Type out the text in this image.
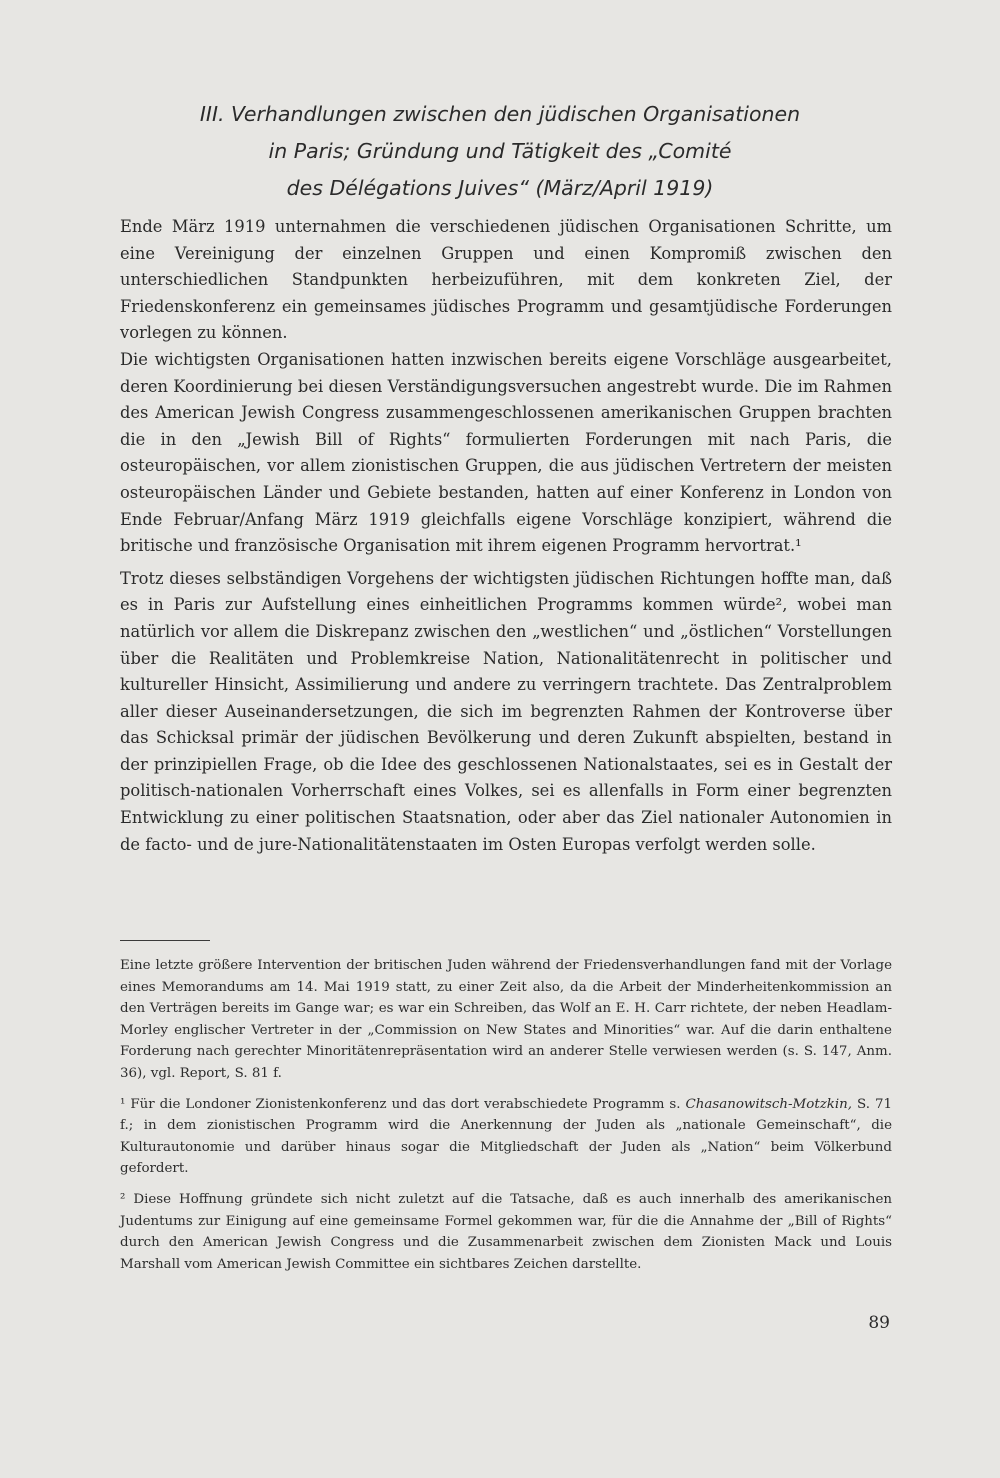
III. Verhandlungen zwischen den jüdischen Organisationen
in Paris; Gründung und Tätigkeit des „Comité
des Délégations Juives“ (März/April 1919)

Ende März 1919 unternahmen die verschiedenen jüdischen Organisationen Schritte, um eine Vereinigung der einzelnen Gruppen und einen Kompromiß zwischen den unterschiedlichen Standpunkten herbeizuführen, mit dem konkreten Ziel, der Friedenskonferenz ein gemeinsames jüdisches Programm und gesamtjüdische Forderungen vorlegen zu können.

Die wichtigsten Organisationen hatten inzwischen bereits eigene Vorschläge ausgearbeitet, deren Koordinierung bei diesen Verständigungsversuchen angestrebt wurde. Die im Rahmen des American Jewish Congress zusammengeschlossenen amerikanischen Gruppen brachten die in den „Jewish Bill of Rights“ formulierten Forderungen mit nach Paris, die osteuropäischen, vor allem zionistischen Gruppen, die aus jüdischen Vertretern der meisten osteuropäischen Länder und Gebiete bestanden, hatten auf einer Konferenz in London von Ende Februar/Anfang März 1919 gleichfalls eigene Vorschläge konzipiert, während die britische und französische Organisation mit ihrem eigenen Programm hervortrat.¹

Trotz dieses selbständigen Vorgehens der wichtigsten jüdischen Richtungen hoffte man, daß es in Paris zur Aufstellung eines einheitlichen Programms kommen würde², wobei man natürlich vor allem die Diskrepanz zwischen den „westlichen“ und „östlichen“ Vorstellungen über die Realitäten und Problemkreise Nation, Nationalitätenrecht in politischer und kultureller Hinsicht, Assimilierung und andere zu verringern trachtete. Das Zentralproblem aller dieser Auseinandersetzungen, die sich im begrenzten Rahmen der Kontroverse über das Schicksal primär der jüdischen Bevölkerung und deren Zukunft abspielten, bestand in der prinzipiellen Frage, ob die Idee des geschlossenen Nationalstaates, sei es in Gestalt der politisch-nationalen Vorherrschaft eines Volkes, sei es allenfalls in Form einer begrenzten Entwicklung zu einer politischen Staatsnation, oder aber das Ziel nationaler Autonomien in de facto- und de jure-Nationalitätenstaaten im Osten Europas verfolgt werden solle.

Eine letzte größere Intervention der britischen Juden während der Friedensverhandlungen fand mit der Vorlage eines Memorandums am 14. Mai 1919 statt, zu einer Zeit also, da die Arbeit der Minderheitenkommission an den Verträgen bereits im Gange war; es war ein Schreiben, das Wolf an E. H. Carr richtete, der neben Headlam-Morley englischer Vertreter in der „Commission on New States and Minorities“ war. Auf die darin enthaltene Forderung nach gerechter Minoritätenrepräsentation wird an anderer Stelle verwiesen werden (s. S. 147, Anm. 36), vgl. Report, S. 81 f.

¹ Für die Londoner Zionistenkonferenz und das dort verabschiedete Programm s. Chasanowitsch-Motzkin, S. 71 f.; in dem zionistischen Programm wird die Anerkennung der Juden als „nationale Gemeinschaft“, die Kulturautonomie und darüber hinaus sogar die Mitgliedschaft der Juden als „Nation“ beim Völkerbund gefordert.

² Diese Hoffnung gründete sich nicht zuletzt auf die Tatsache, daß es auch innerhalb des amerikanischen Judentums zur Einigung auf eine gemeinsame Formel gekommen war, für die die Annahme der „Bill of Rights“ durch den American Jewish Congress und die Zusammenarbeit zwischen dem Zionisten Mack und Louis Marshall vom American Jewish Committee ein sichtbares Zeichen darstellte.

89
